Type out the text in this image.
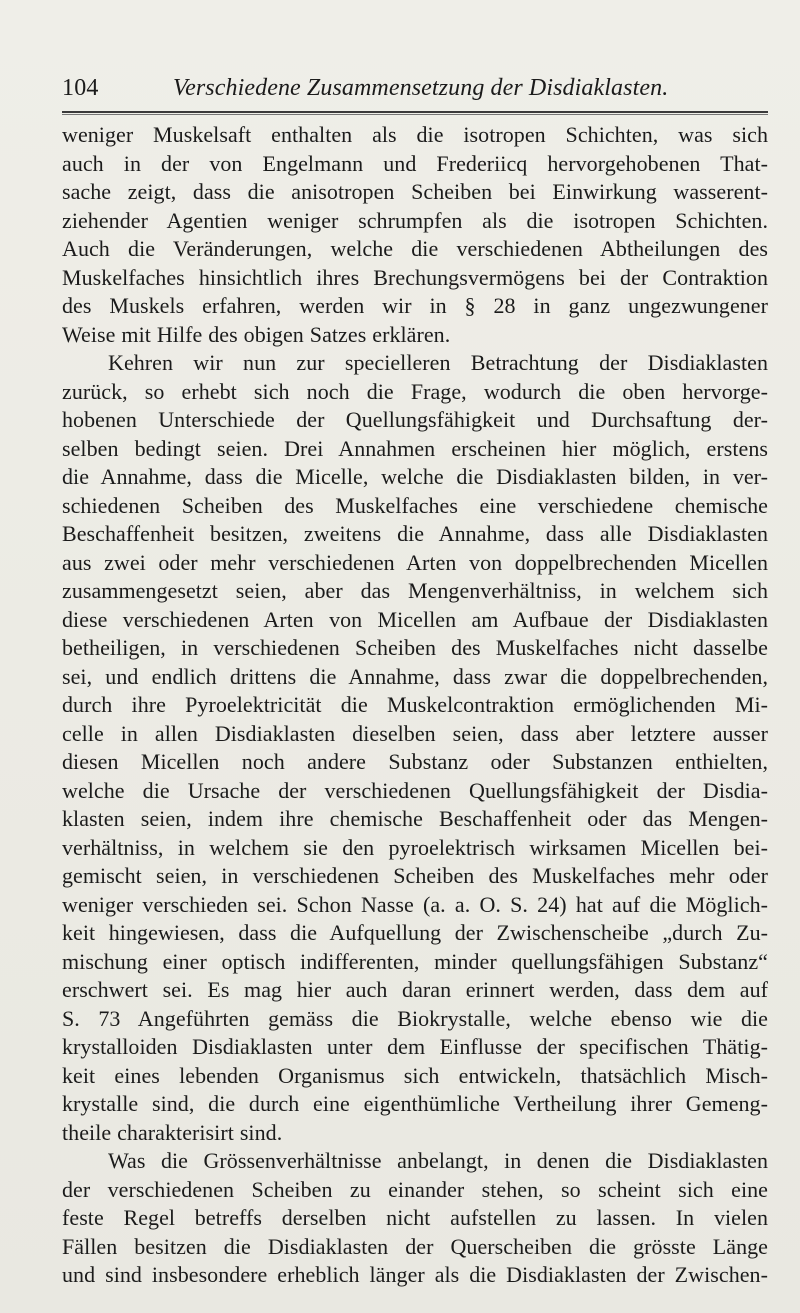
104	Verschiedene Zusammensetzung der Disdiaklasten.
weniger Muskelsaft enthalten als die isotropen Schichten, was sich
auch in der von Engelmann und Frederiicq hervorgehobenen That-
sache zeigt, dass die anisotropen Scheiben bei Einwirkung wasserent-
ziehender Agentien weniger schrumpfen als die isotropen Schichten.
Auch die Veränderungen, welche die verschiedenen Abtheilungen des
Muskelfaches hinsichtlich ihres Brechungsvermögens bei der Contraktion
des Muskels erfahren, werden wir in § 28 in ganz ungezwungener
Weise mit Hilfe des obigen Satzes erklären.
Kehren wir nun zur specielleren Betrachtung der Disdiaklasten
zurück, so erhebt sich noch die Frage, wodurch die oben hervorge-
hobenen Unterschiede der Quellungsfähigkeit und Durchsaftung der-
selben bedingt seien. Drei Annahmen erscheinen hier möglich, erstens
die Annahme, dass die Micelle, welche die Disdiaklasten bilden, in ver-
schiedenen Scheiben des Muskelfaches eine verschiedene chemische
Beschaffenheit besitzen, zweitens die Annahme, dass alle Disdiaklasten
aus zwei oder mehr verschiedenen Arten von doppelbrechenden Micellen
zusammengesetzt seien, aber das Mengenverhältniss, in welchem sich
diese verschiedenen Arten von Micellen am Aufbaue der Disdiaklasten
betheiligen, in verschiedenen Scheiben des Muskelfaches nicht dasselbe
sei, und endlich drittens die Annahme, dass zwar die doppelbrechenden,
durch ihre Pyroelektricität die Muskelcontraktion ermöglichenden Mi-
celle in allen Disdiaklasten dieselben seien, dass aber letztere ausser
diesen Micellen noch andere Substanz oder Substanzen enthielten,
welche die Ursache der verschiedenen Quellungsfähigkeit der Disdia-
klasten seien, indem ihre chemische Beschaffenheit oder das Mengen-
verhältniss, in welchem sie den pyroelektrisch wirksamen Micellen bei-
gemischt seien, in verschiedenen Scheiben des Muskelfaches mehr oder
weniger verschieden sei. Schon Nasse (a. a. O. S. 24) hat auf die Möglich-
keit hingewiesen, dass die Aufquellung der Zwischenscheibe „durch Zu-
mischung einer optisch indifferenten, minder quellungsfähigen Substanz“
erschwert sei. Es mag hier auch daran erinnert werden, dass dem auf
S. 73 Angeführten gemäss die Biokrystalle, welche ebenso wie die
krystalloiden Disdiaklasten unter dem Einflusse der specifischen Thätig-
keit eines lebenden Organismus sich entwickeln, thatsächlich Misch-
krystalle sind, die durch eine eigenthümliche Vertheilung ihrer Gemeng-
theile charakterisirt sind.
Was die Grössenverhältnisse anbelangt, in denen die Disdiaklasten
der verschiedenen Scheiben zu einander stehen, so scheint sich eine
feste Regel betreffs derselben nicht aufstellen zu lassen. In vielen
Fällen besitzen die Disdiaklasten der Querscheiben die grösste Länge
und sind insbesondere erheblich länger als die Disdiaklasten der Zwischen-
